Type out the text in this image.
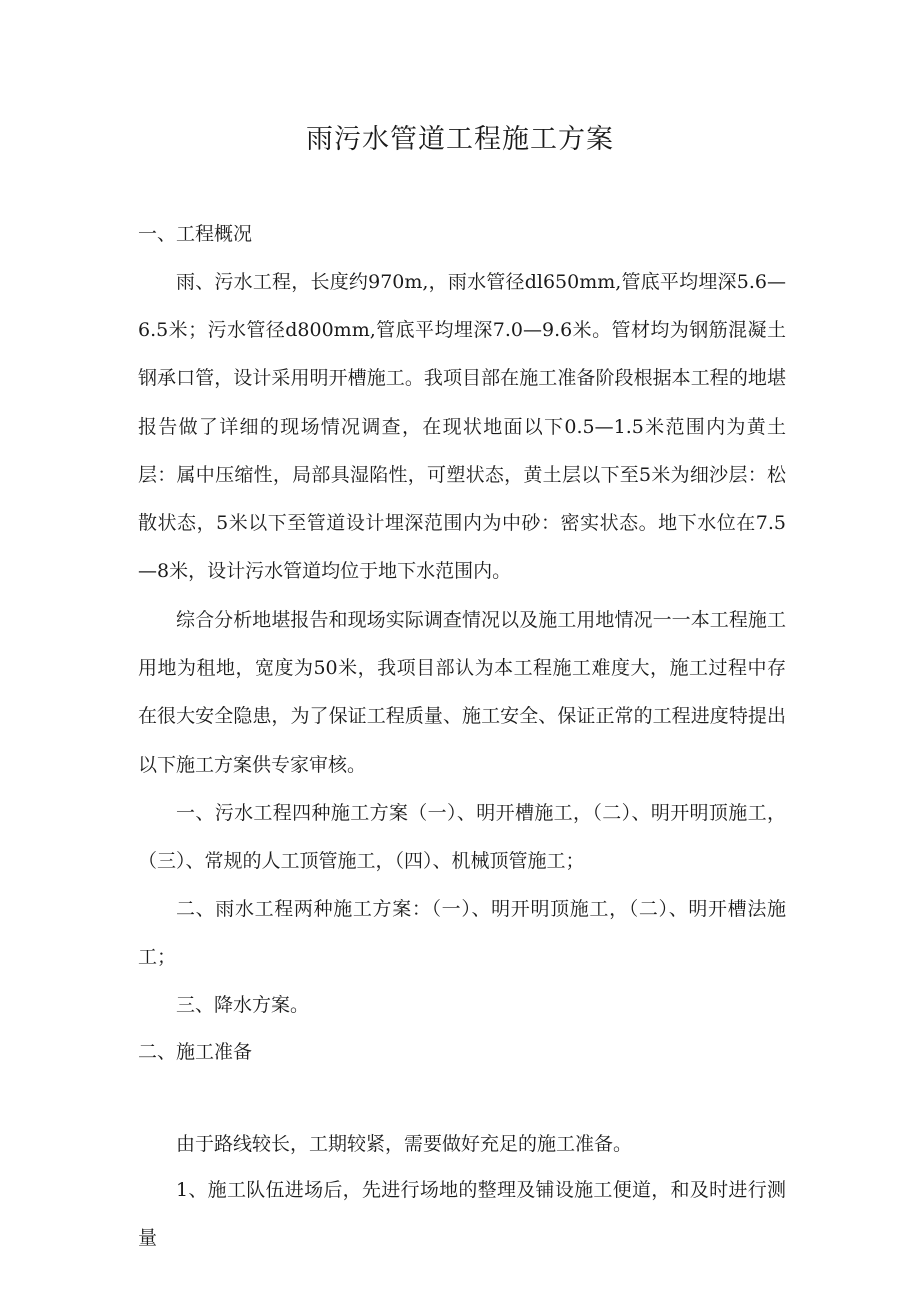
雨污水管道工程施工方案
一、工程概况

雨、污水工程，长度约970m,，雨水管径dl650mm,管底平均埋深5.6—6.5米；污水管径d800mm,管底平均埋深7.0—9.6米。管材均为钢筋混凝土钢承口管，设计采用明开槽施工。我项目部在施工准备阶段根据本工程的地堪报告做了详细的现场情况调查，在现状地面以下0.5—1.5米范围内为黄土层：属中压缩性，局部具湿陷性，可塑状态，黄土层以下至5米为细沙层：松散状态，5米以下至管道设计埋深范围内为中砂：密实状态。地下水位在7.5—8米，设计污水管道均位于地下水范围内。

综合分析地堪报告和现场实际调查情况以及施工用地情况一一本工程施工用地为租地，宽度为50米，我项目部认为本工程施工难度大，施工过程中存在很大安全隐患，为了保证工程质量、施工安全、保证正常的工程进度特提出以下施工方案供专家审核。

一、污水工程四种施工方案（一）、明开槽施工，（二）、明开明顶施工，（三）、常规的人工顶管施工，（四）、机械顶管施工；

二、雨水工程两种施工方案：（一）、明开明顶施工，（二）、明开槽法施工；

三、降水方案。

二、施工准备

由于路线较长，工期较紧，需要做好充足的施工准备。

1、施工队伍进场后，先进行场地的整理及铺设施工便道，和及时进行测量
